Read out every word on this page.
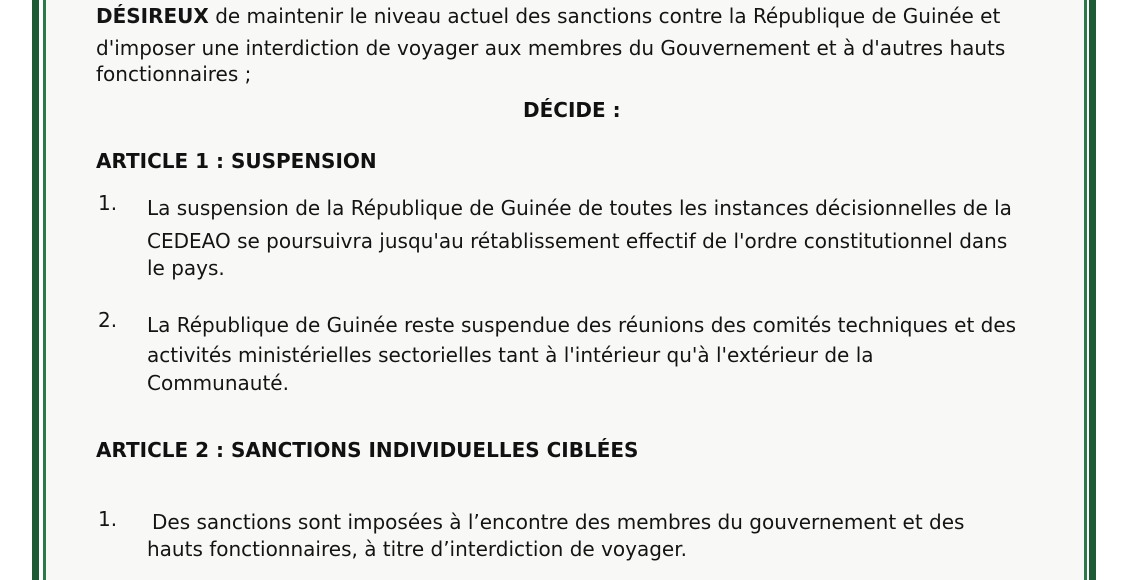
DÉSIREUX de maintenir le niveau actuel des sanctions contre la République de Guinée et

d'imposer une interdiction de voyager aux membres du Gouvernement et à d'autres hauts

fonctionnaires ;

DÉCIDE :

ARTICLE 1 : SUSPENSION

1. La suspension de la République de Guinée de toutes les instances décisionnelles de la

CEDEAO se poursuivra jusqu'au rétablissement effectif de l'ordre constitutionnel dans

le pays.

2. La République de Guinée reste suspendue des réunions des comités techniques et des

activités ministérielles sectorielles tant à l'intérieur qu'à l'extérieur de la

Communauté.

ARTICLE 2 : SANCTIONS INDIVIDUELLES CIBLÉES

1. Des sanctions sont imposées à l’encontre des membres du gouvernement et des

hauts fonctionnaires, à titre d’interdiction de voyager.
